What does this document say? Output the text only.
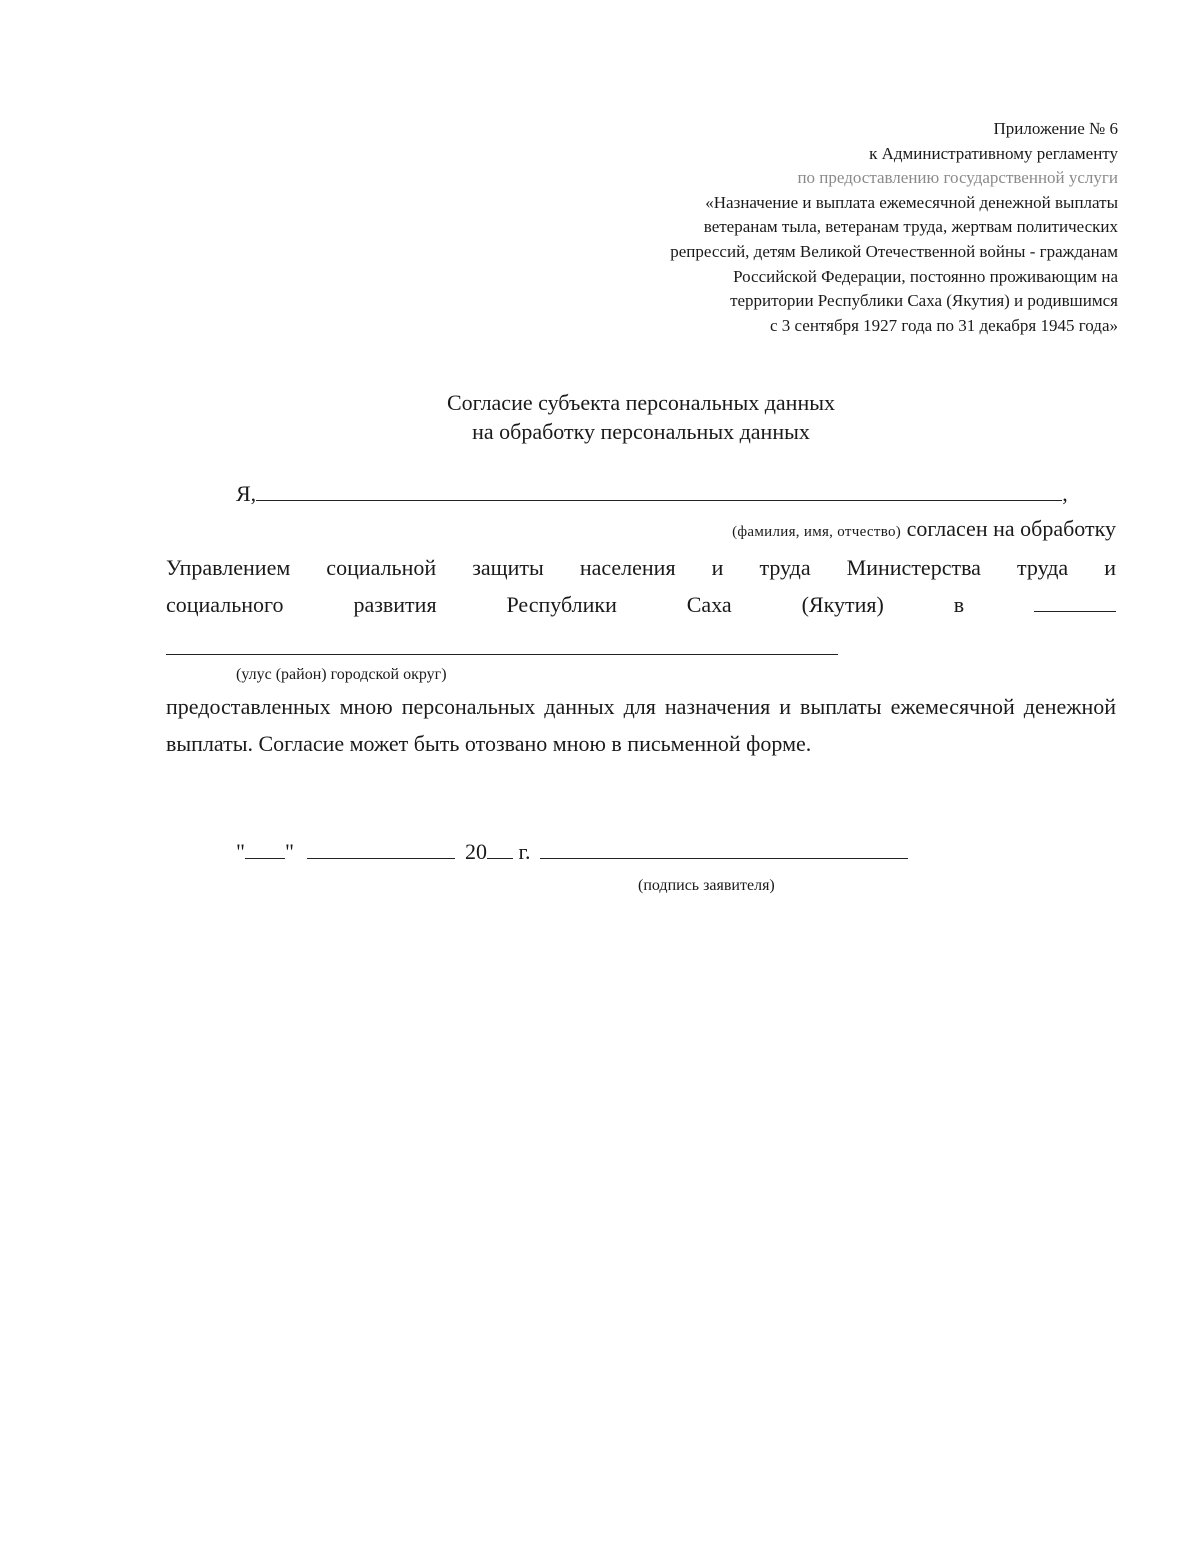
Приложение № 6
к Административному регламенту
по предоставлению государственной услуги
«Назначение и выплата ежемесячной денежной выплаты
ветеранам тыла, ветеранам труда, жертвам политических
репрессий, детям Великой Отечественной войны - гражданам
Российской Федерации, постоянно проживающим на
территории Республики Саха (Якутия) и родившимся
с 3 сентября 1927 года по 31 декабря 1945 года»
Согласие субъекта персональных данных
на обработку персональных данных
Я,	,
(фамилия, имя, отчество) согласен на обработку
Управлением социальной защиты населения и труда Министерства труда и
социального развития Республики Саха (Якутия) в
(улус (район) городской округ)
предоставленных мною персональных данных для назначения и выплаты ежемесячной денежной выплаты. Согласие может быть отозвано мною в письменной форме.
" "	20 г.
(подпись заявителя)
